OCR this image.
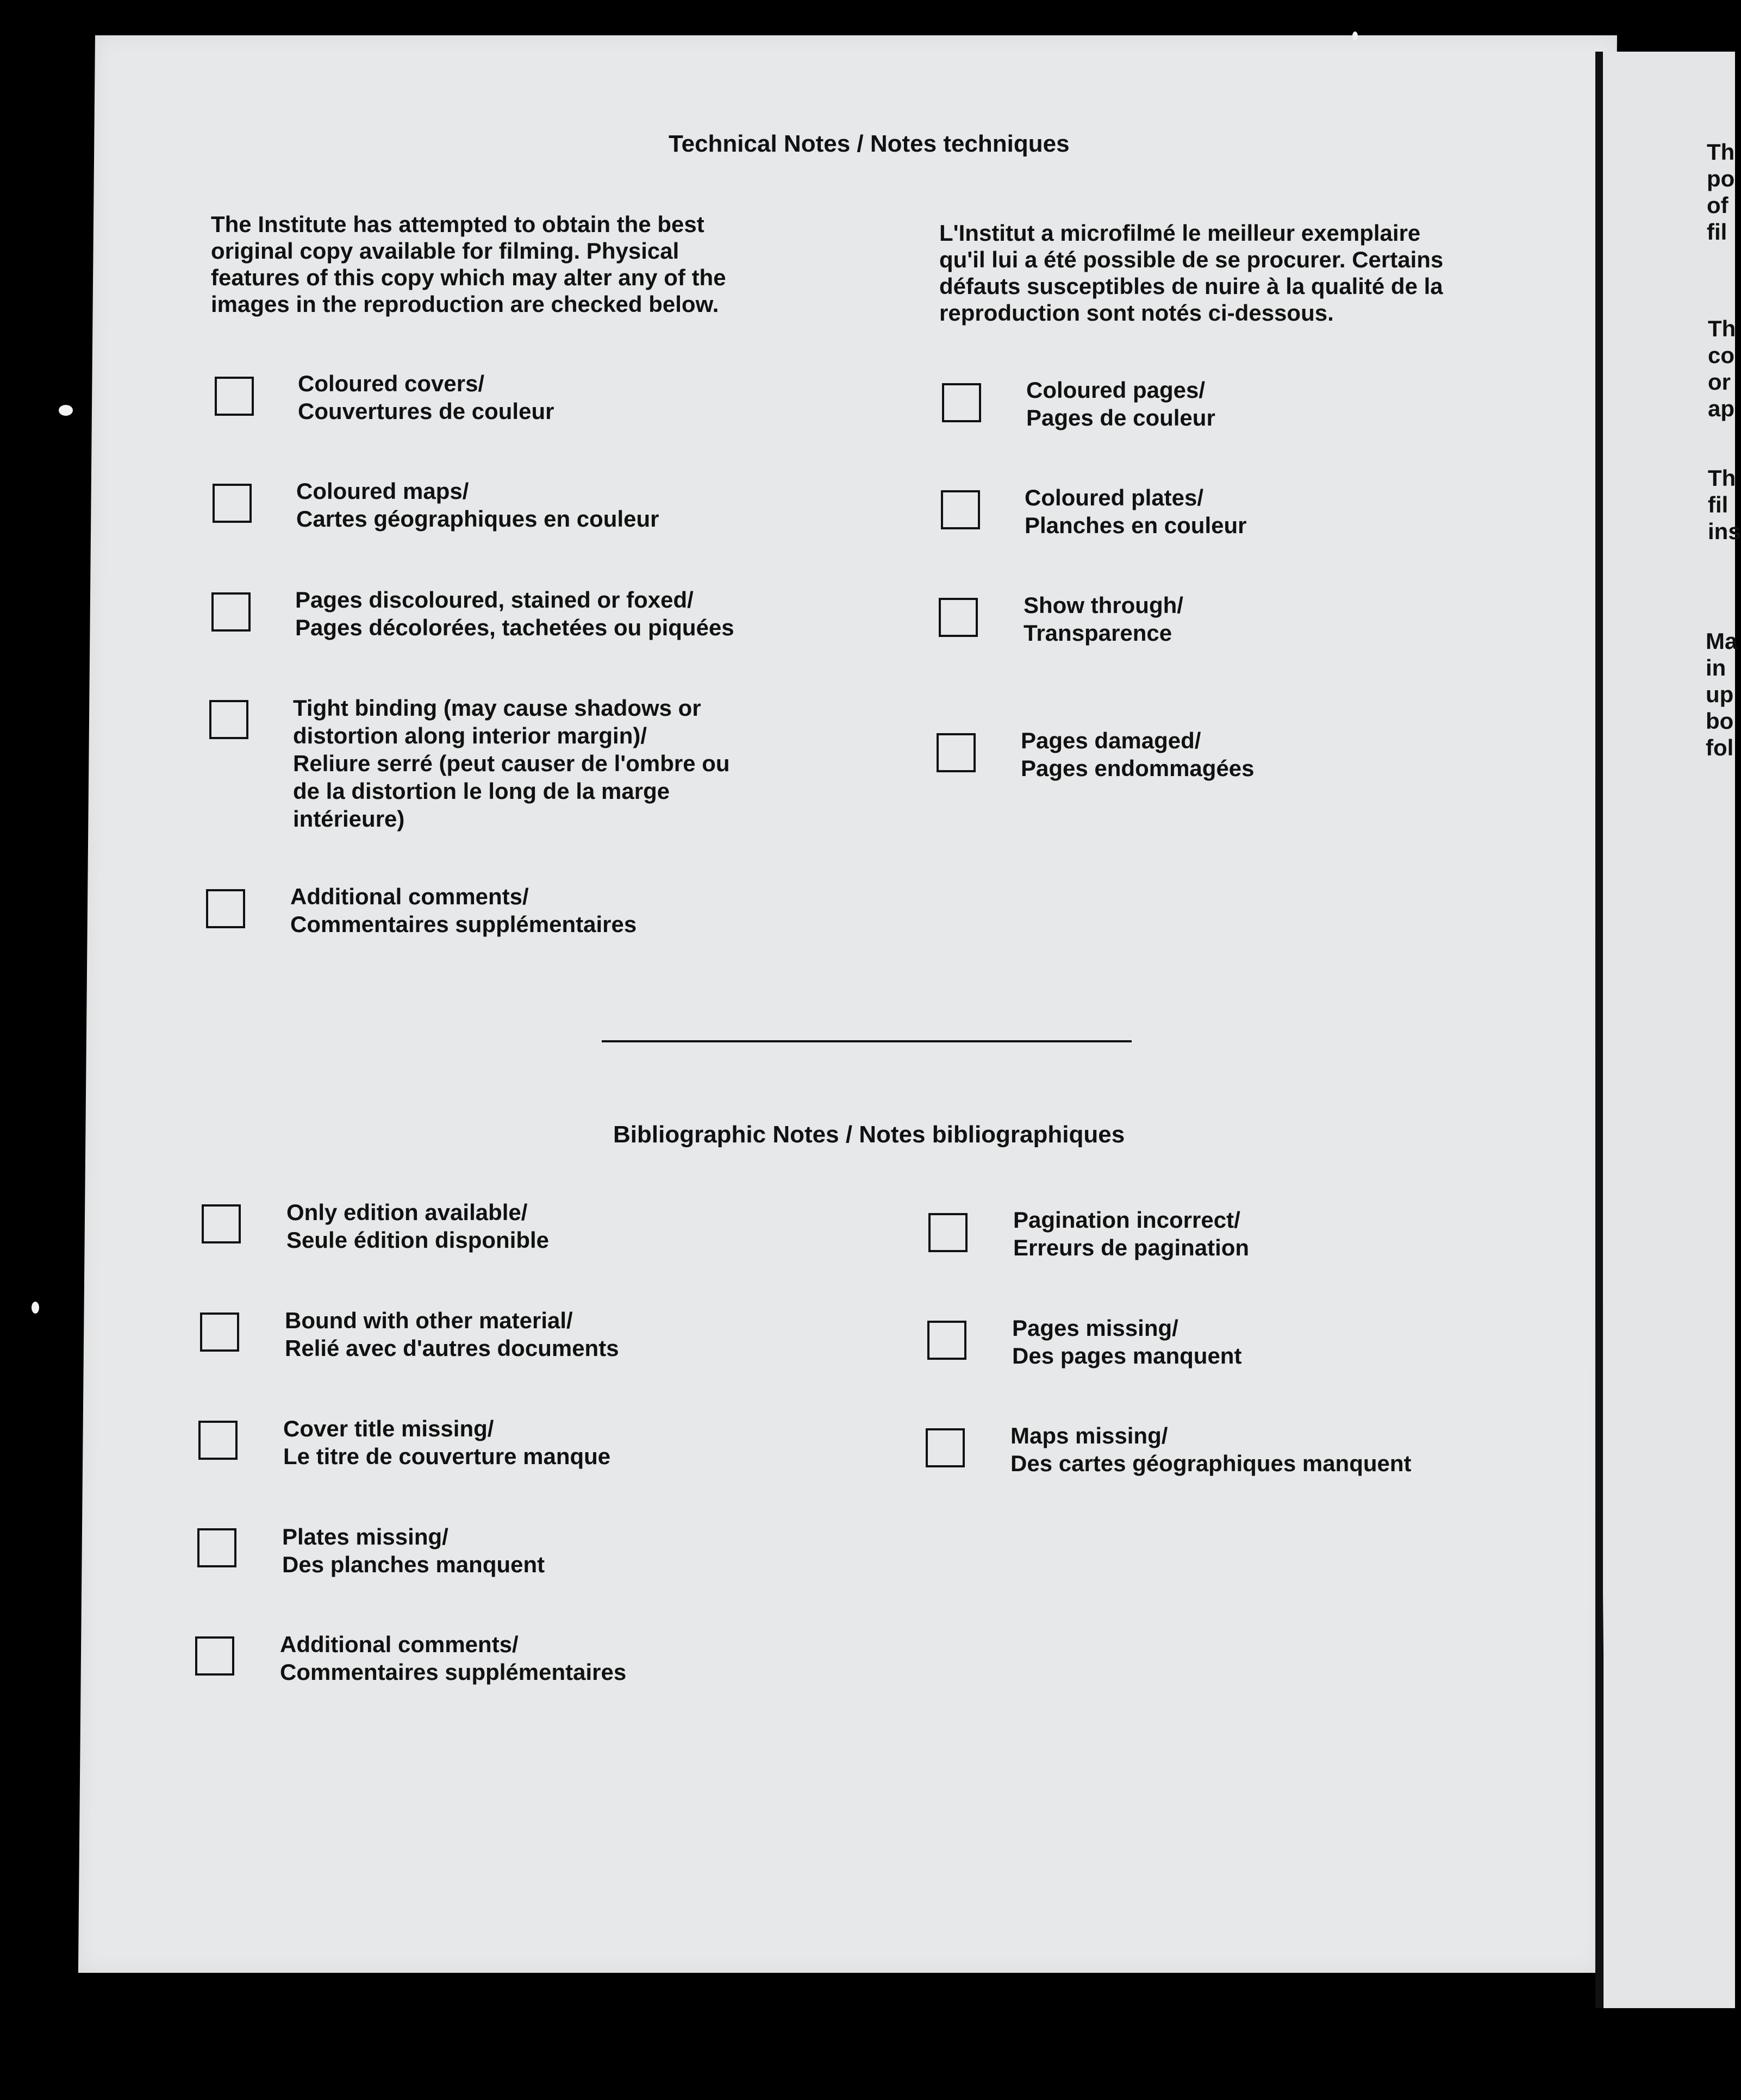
Technical Notes / Notes techniques
The Institute has attempted to obtain the best
original copy available for filming. Physical
features of this copy which may alter any of the
images in the reproduction are checked below.
L'Institut a microfilmé le meilleur exemplaire
qu'il lui a été possible de se procurer. Certains
défauts susceptibles de nuire à la qualité de la
reproduction sont notés ci-dessous.
Coloured covers/
Couvertures de couleur
Coloured maps/
Cartes géographiques en couleur
Pages discoloured, stained or foxed/
Pages décolorées, tachetées ou piquées
Tight binding (may cause shadows or
distortion along interior margin)/
Reliure serré (peut causer de l'ombre ou
de la distortion le long de la marge
intérieure)
Additional comments/
Commentaires supplémentaires
Coloured pages/
Pages de couleur
Coloured plates/
Planches en couleur
Show through/
Transparence
Pages damaged/
Pages endommagées
Bibliographic Notes / Notes bibliographiques
Only edition available/
Seule édition disponible
Bound with other material/
Relié avec d'autres documents
Cover title missing/
Le titre de couverture manque
Plates missing/
Des planches manquent
Additional comments/
Commentaires supplémentaires
Pagination incorrect/
Erreurs de pagination
Pages missing/
Des pages manquent
Maps missing/
Des cartes géographiques manquent
Th
po
of
fil
Th
co
or
ap
Th
fil
ins
Ma
in
up
bo
fol
